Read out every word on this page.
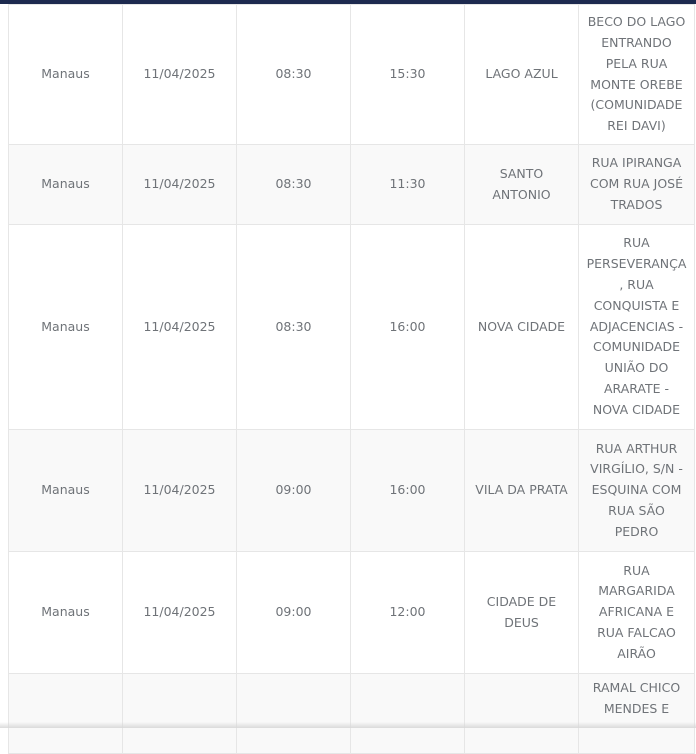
Manaus	11/04/2025	08:30	15:30	LAGO AZUL	BECO DO LAGO ENTRANDO PELA RUA MONTE OREBE (COMUNIDADE REI DAVI)
Manaus	11/04/2025	08:30	11:30	SANTO ANTONIO	RUA IPIRANGA COM RUA JOSÉ TRADOS
Manaus	11/04/2025	08:30	16:00	NOVA CIDADE	RUA PERSEVERANÇA , RUA CONQUISTA E ADJACENCIAS - COMUNIDADE UNIÃO DO ARARATE - NOVA CIDADE
Manaus	11/04/2025	09:00	16:00	VILA DA PRATA	RUA ARTHUR VIRGÍLIO, S/N - ESQUINA COM RUA SÃO PEDRO
Manaus	11/04/2025	09:00	12:00	CIDADE DE DEUS	RUA MARGARIDA AFRICANA E RUA FALCAO AIRÃO
					RAMAL CHICO MENDES E
